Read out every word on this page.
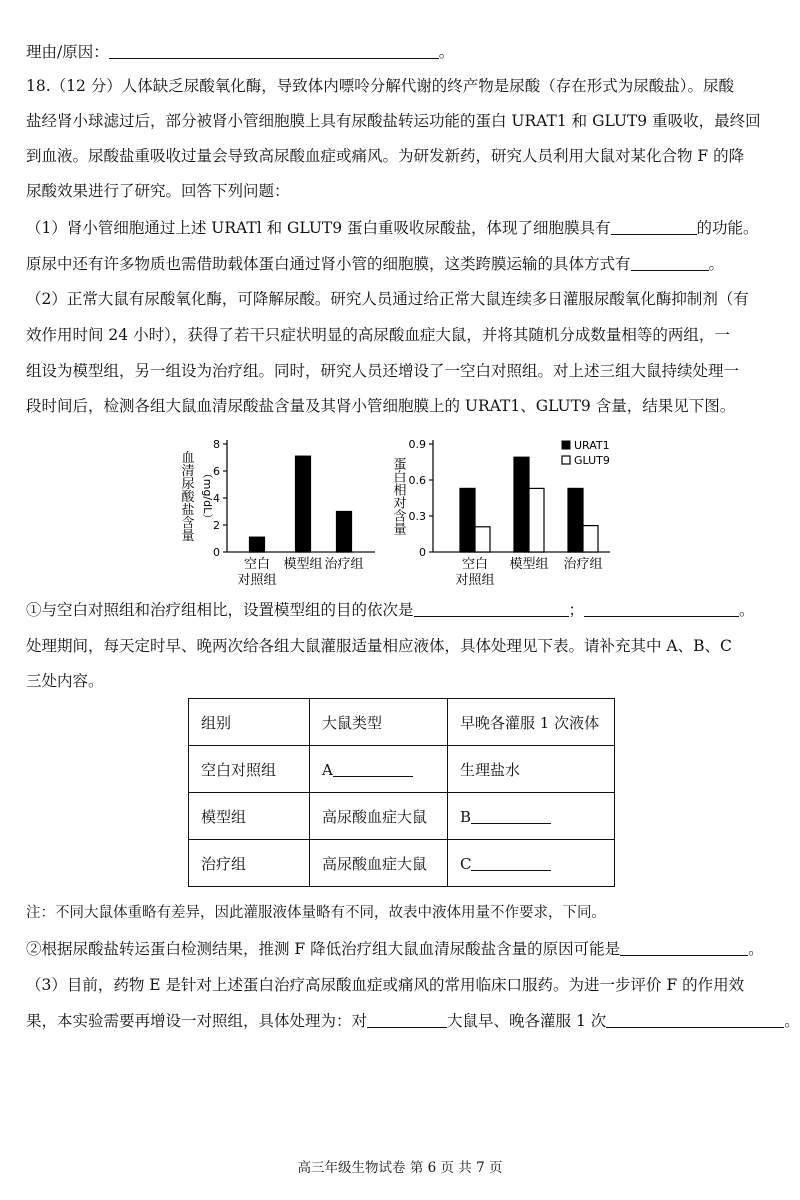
理由/原因：	。
18.（12 分）人体缺乏尿酸氧化酶，导致体内嘌呤分解代谢的终产物是尿酸（存在形式为尿酸盐）。尿酸
盐经肾小球滤过后，部分被肾小管细胞膜上具有尿酸盐转运功能的蛋白 URAT1 和 GLUT9 重吸收，最终回
到血液。尿酸盐重吸收过量会导致高尿酸血症或痛风。为研发新药，研究人员利用大鼠对某化合物 F 的降
尿酸效果进行了研究。回答下列问题：
（1）肾小管细胞通过上述 URATl 和 GLUT9 蛋白重吸收尿酸盐，体现了细胞膜具有	的功能。
原尿中还有许多物质也需借助载体蛋白通过肾小管的细胞膜，这类跨膜运输的具体方式有	。
（2）正常大鼠有尿酸氧化酶，可降解尿酸。研究人员通过给正常大鼠连续多日灌服尿酸氧化酶抑制剂（有
效作用时间 24 小时），获得了若干只症状明显的高尿酸血症大鼠，并将其随机分成数量相等的两组，一
组设为模型组，另一组设为治疗组。同时，研究人员还增设了一空白对照组。对上述三组大鼠持续处理一
段时间后，检测各组大鼠血清尿酸盐含量及其肾小管细胞膜上的 URAT1、GLUT9 含量，结果见下图。
0
2
4
6
8
空白
对照组
模型组 治疗组
血清尿酸盐含量 （mg/dL）
0
0.3
0.6
0.9
空白
对照组
模型组 治疗组
蛋白相对含量
URAT1
GLUT9
①与空白对照组和治疗组相比，设置模型组的目的依次是	；	。
处理期间，每天定时早、晚两次给各组大鼠灌服适量相应液体，具体处理见下表。请补充其中 A、B、C
三处内容。
组别	大鼠类型	早晚各灌服 1 次液体
空白对照组	A	生理盐水
模型组	高尿酸血症大鼠	B
治疗组	高尿酸血症大鼠	C
注：不同大鼠体重略有差异，因此灌服液体量略有不同，故表中液体用量不作要求，下同。
②根据尿酸盐转运蛋白检测结果，推测 F 降低治疗组大鼠血清尿酸盐含量的原因可能是	。
（3）目前，药物 E 是针对上述蛋白治疗高尿酸血症或痛风的常用临床口服药。为进一步评价 F 的作用效
果，本实验需要再增设一对照组，具体处理为：对	大鼠早、晚各灌服 1 次	。
高三年级生物试卷 第 6 页 共 7 页
